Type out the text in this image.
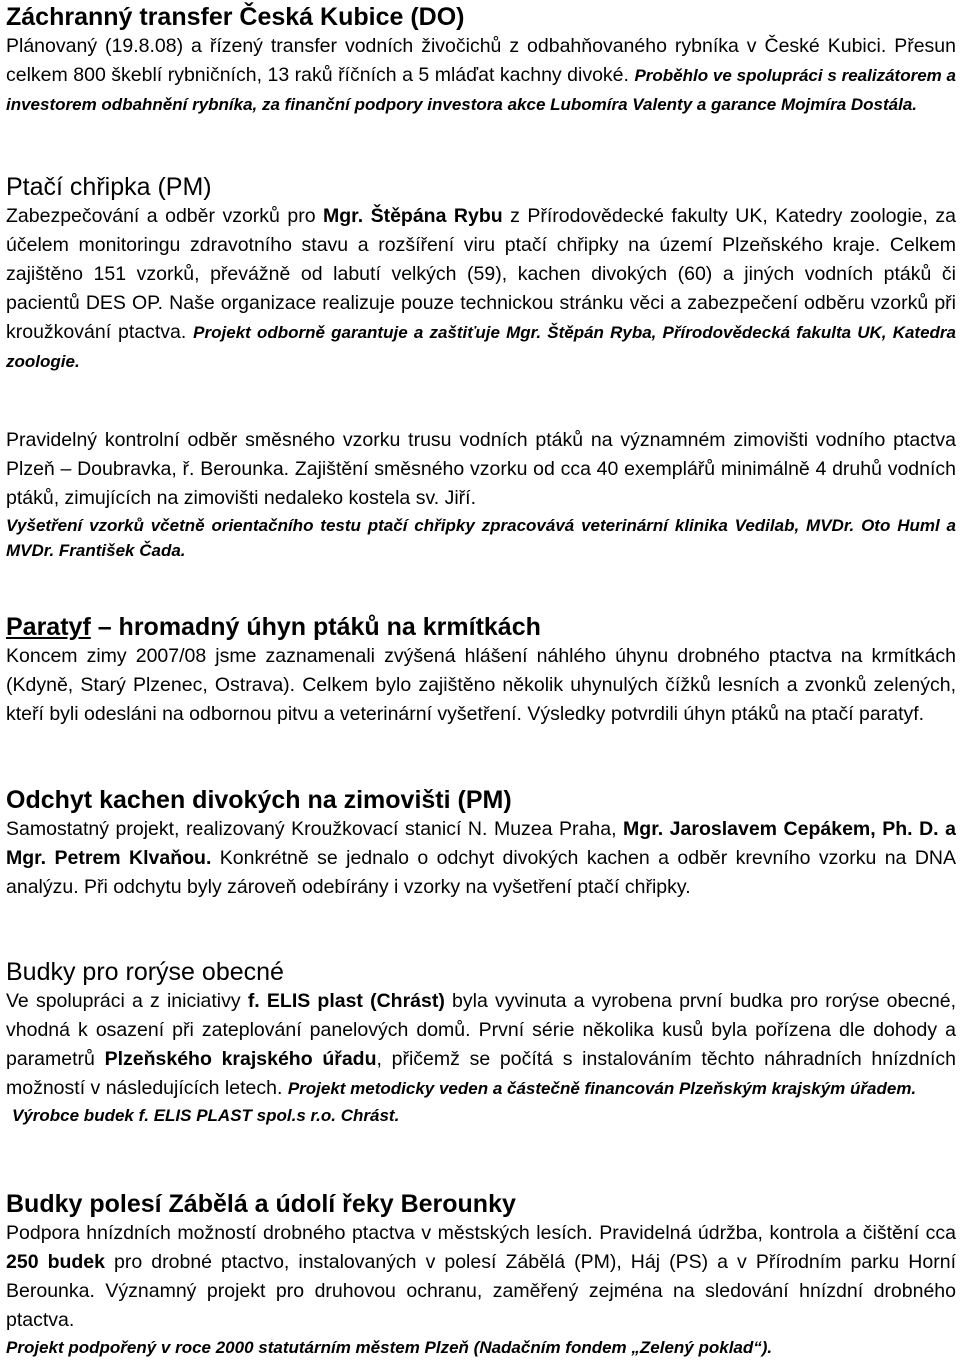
Záchranný transfer Česká Kubice (DO)

Plánovaný (19.8.08) a řízený transfer vodních živočichů z odbahňovaného rybníka v České Kubici. Přesun celkem 800 škeblí rybničních, 13 raků říčních a 5 mláďat kachny divoké. Proběhlo ve spolupráci s realizátorem a investorem odbahnění rybníka, za finanční podpory investora akce Lubomíra Valenty a garance Mojmíra Dostála.

Ptačí chřipka (PM)

Zabezpečování a odběr vzorků pro Mgr. Štěpána Rybu z Přírodovědecké fakulty UK, Katedry zoologie, za účelem monitoringu zdravotního stavu a rozšíření viru ptačí chřipky na území Plzeňského kraje. Celkem zajištěno 151 vzorků, převážně od labutí velkých (59), kachen divokých (60) a jiných vodních ptáků či pacientů DES OP. Naše organizace realizuje pouze technickou stránku věci a zabezpečení odběru vzorků při kroužkování ptactva. Projekt odborně garantuje a zaštiťuje Mgr. Štěpán Ryba, Přírodovědecká fakulta UK, Katedra zoologie.

Pravidelný kontrolní odběr směsného vzorku trusu vodních ptáků na významném zimovišti vodního ptactva Plzeň – Doubravka, ř. Berounka. Zajištění směsného vzorku od cca 40 exemplářů minimálně 4 druhů vodních ptáků, zimujících na zimovišti nedaleko kostela sv. Jiří.

Vyšetření vzorků včetně orientačního testu ptačí chřipky zpracovává veterinární klinika Vedilab, MVDr. Oto Huml a MVDr. František Čada.

Paratyf – hromadný úhyn ptáků na krmítkách

Koncem zimy 2007/08 jsme zaznamenali zvýšená hlášení náhlého úhynu drobného ptactva na krmítkách (Kdyně, Starý Plzenec, Ostrava). Celkem bylo zajištěno několik uhynulých čížků lesních a zvonků zelených, kteří byli odesláni na odbornou pitvu a veterinární vyšetření. Výsledky potvrdili úhyn ptáků na ptačí paratyf.

Odchyt kachen divokých na zimovišti (PM)

Samostatný projekt, realizovaný Kroužkovací stanicí N. Muzea Praha, Mgr. Jaroslavem Cepákem, Ph. D. a Mgr. Petrem Klvaňou. Konkrétně se jednalo o odchyt divokých kachen a odběr krevního vzorku na DNA analýzu. Při odchytu byly zároveň odebírány i vzorky na vyšetření ptačí chřipky.

Budky pro rorýse obecné

Ve spolupráci a z iniciativy f. ELIS plast (Chrást) byla vyvinuta a vyrobena první budka pro rorýse obecné, vhodná k osazení při zateplování panelových domů. První série několika kusů byla pořízena dle dohody a parametrů Plzeňského krajského úřadu, přičemž se počítá s instalováním těchto náhradních hnízdních možností v následujících letech. Projekt metodicky veden a částečně financován Plzeňským krajským úřadem.

Výrobce budek f. ELIS PLAST spol.s r.o. Chrást.

Budky polesí Zábělá a údolí řeky Berounky

Podpora hnízdních možností drobného ptactva v městských lesích. Pravidelná údržba, kontrola a čištění cca 250 budek pro drobné ptactvo, instalovaných v polesí Zábělá (PM), Háj (PS) a v Přírodním parku Horní Berounka. Významný projekt pro druhovou ochranu, zaměřený zejména na sledování hnízdní drobného ptactva.

Projekt podpořený v roce 2000 statutárním městem Plzeň (Nadačním fondem „Zelený poklad“).
